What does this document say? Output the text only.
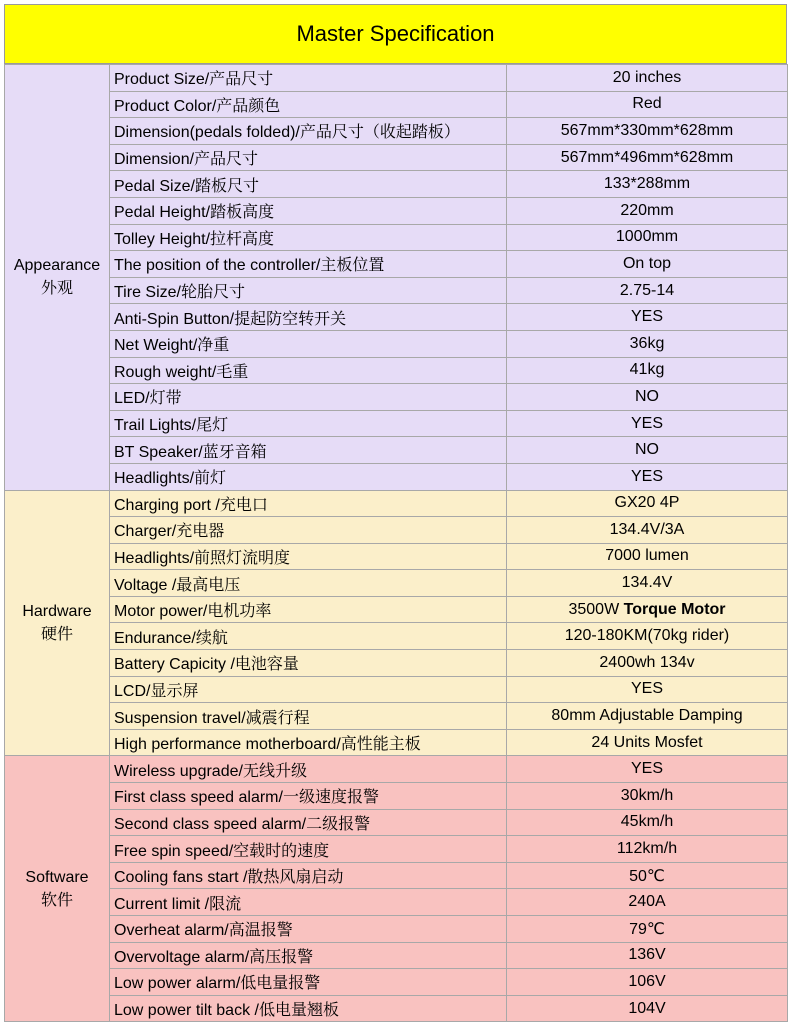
Master Specification
Appearance
外观	Product Size/产品尺寸	20 inches
	Product Color/产品颜色	Red
	Dimension(pedals folded)/产品尺寸（收起踏板）	567mm*330mm*628mm
	Dimension/产品尺寸	567mm*496mm*628mm
	Pedal Size/踏板尺寸	133*288mm
	Pedal Height/踏板高度	220mm
	Tolley Height/拉杆高度	1000mm
	The position of the controller/主板位置	On top
	Tire Size/轮胎尺寸	2.75-14
	Anti-Spin Button/提起防空转开关	YES
	Net Weight/净重	36kg
	Rough weight/毛重	41kg
	LED/灯带	NO
	Trail Lights/尾灯	YES
	BT Speaker/蓝牙音箱	NO
	Headlights/前灯	YES

Hardware
硬件	Charging port /充电口	GX20 4P
	Charger/充电器	134.4V/3A
	Headlights/前照灯流明度	7000 lumen
	Voltage /最高电压	134.4V
	Motor power/电机功率	3500W Torque Motor
	Endurance/续航	120-180KM(70kg rider)
	Battery Capicity /电池容量	2400wh 134v
	LCD/显示屏	YES
	Suspension travel/减震行程	80mm Adjustable Damping
	High performance motherboard/高性能主板	24 Units Mosfet

Software
软件	Wireless upgrade/无线升级	YES
	First class speed alarm/一级速度报警	30km/h
	Second class speed alarm/二级报警	45km/h
	Free spin speed/空载时的速度	112km/h
	Cooling fans start /散热风扇启动	50℃
	Current limit /限流	240A
	Overheat alarm/高温报警	79℃
	Overvoltage alarm/高压报警	136V
	Low power alarm/低电量报警	106V
	Low power tilt back /低电量翘板	104V
